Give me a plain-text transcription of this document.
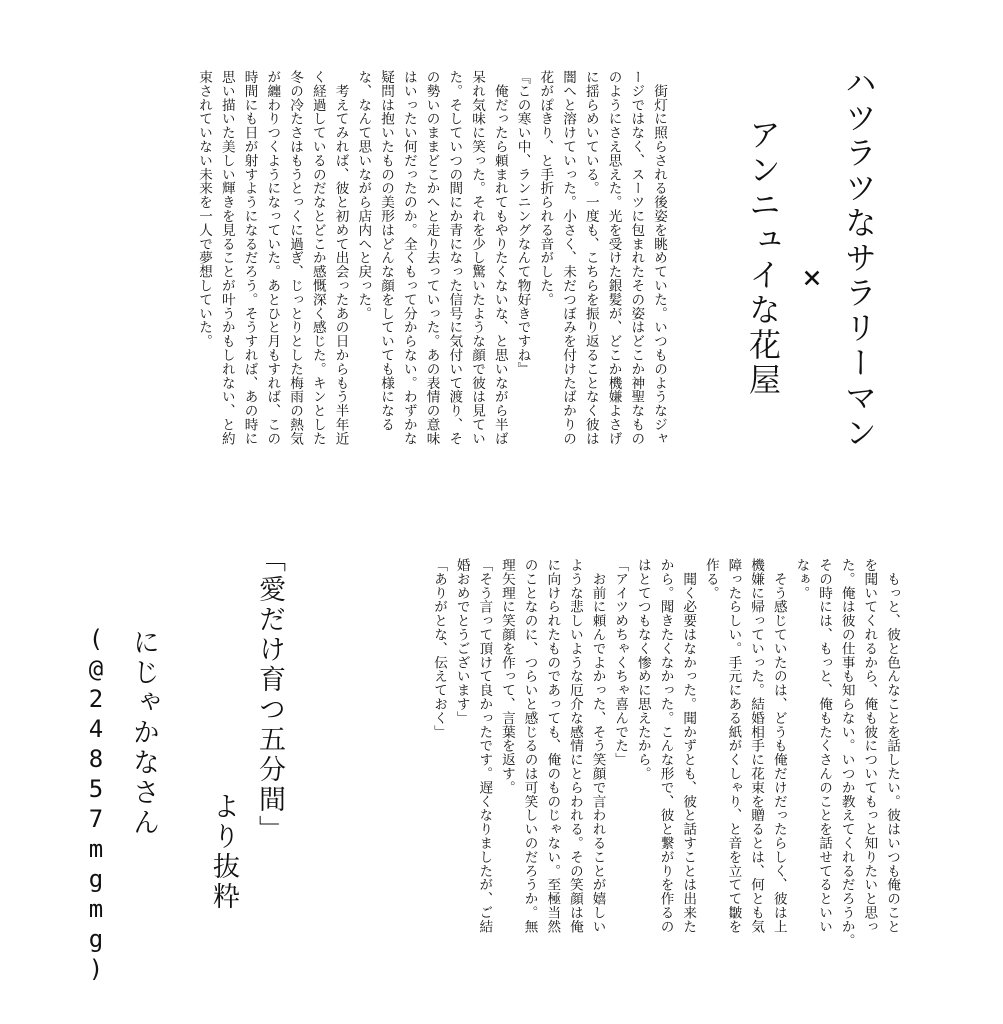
ハツラツなサラリーマン
×
アンニュイな花屋
　街灯に照らされる後姿を眺めていた。いつものようなジャ
ージではなく、スーツに包まれたその姿はどこか神聖なもの
のようにさえ思えた。光を受けた銀髪が、どこか機嫌よさげ
に揺らめいている。一度も、こちらを振り返ることなく彼は
闇へと溶けていった。小さく、未だつぼみを付けたばかりの
花がぽきり、と手折られる音がした。
『この寒い中、ランニングなんて物好きですね』
　俺だったら頼まれてもやりたくないな、と思いながら半ば
呆れ気味に笑った。それを少し驚いたような顔で彼は見てい
た。そしていつの間にか青になった信号に気付いて渡り、そ
の勢いのままどこかへと走り去っていった。あの表情の意味
はいったい何だったのか。全くもって分からない。わずかな
疑問は抱いたものの美形はどんな顔をしていても様になる
な、なんて思いながら店内へと戻った。
　考えてみれば、彼と初めて出会ったあの日からもう半年近
く経過しているのだなとどこか感慨深く感じた。キンとした
冬の冷たさはもうとっくに過ぎ、じっとりとした梅雨の熱気
が纏わりつくようになっていた。あとひと月もすれば、この
時間にも日が射すようになるだろう。そうすれば、あの時に
思い描いた美しい輝きを見ることが叶うかもしれない、と約
束されていない未来を一人で夢想していた。
　もっと、彼と色んなことを話したい。彼はいつも俺のこと
を聞いてくれるから、俺も彼についてもっと知りたいと思っ
た。俺は彼の仕事も知らない。いつか教えてくれるだろうか。
その時には、もっと、俺もたくさんのことを話せてるといい
なぁ。
　そう感じていたのは、どうも俺だけだったらしく、彼は上
機嫌に帰っていった。結婚相手に花束を贈るとは、何とも気
障ったらしい。手元にある紙がくしゃり、と音を立てて皺を
作る。
　聞く必要はなかった。聞かずとも、彼と話すことは出来た
から。聞きたくなかった。こんな形で、彼と繋がりを作るの
はとてつもなく惨めに思えたから。
「アイツめちゃくちゃ喜んでた」
　お前に頼んでよかった、そう笑顔で言われることが嬉しい
ような悲しいような厄介な感情にとらわれる。その笑顔は俺
に向けられたものであっても、俺のものじゃない。至極当然
のことなのに、つらいと感じるのは可笑しいのだろうか。無
理矢理に笑顔を作って、言葉を返す。
「そう言って頂けて良かったです。遅くなりましたが、ご結
婚おめでとうございます」
「ありがとな、伝えておく」
「愛だけ育つ五分間」
より抜粋
にじゃかなさん
(@24857mgmg)
